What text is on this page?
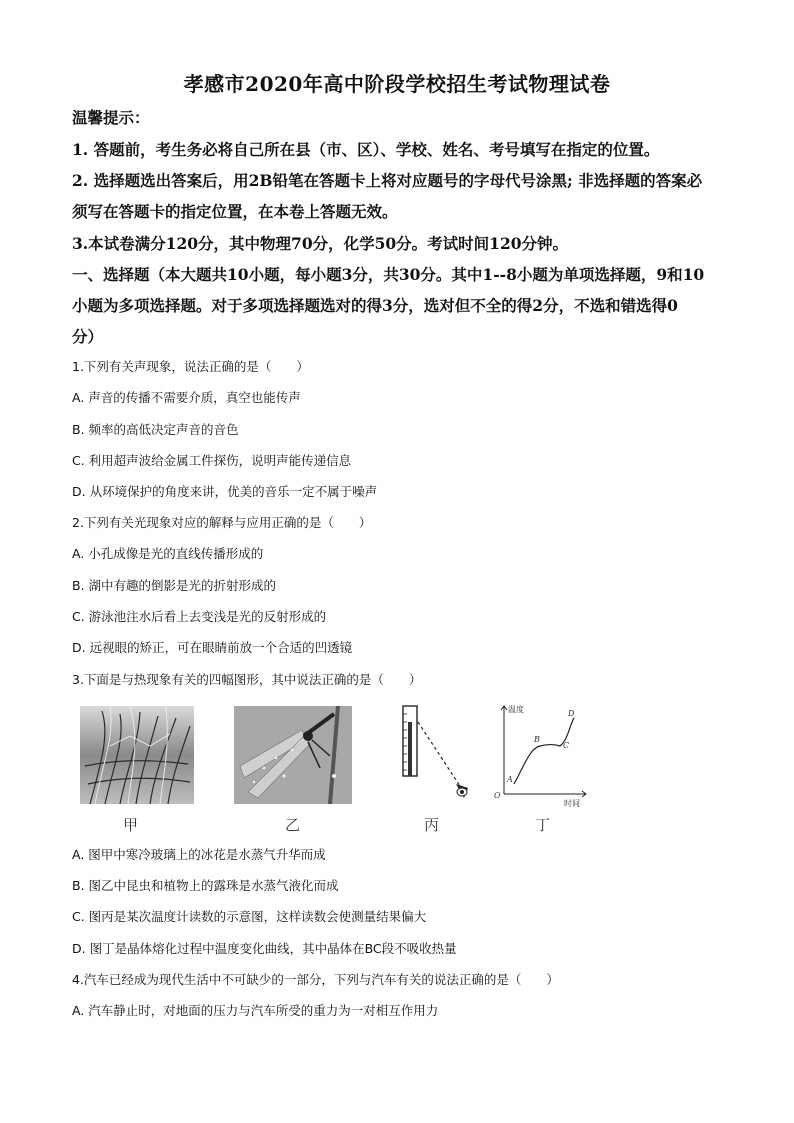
孝感市2020年高中阶段学校招生考试物理试卷
温馨提示：
1. 答题前，考生务必将自己所在县（市、区）、学校、姓名、考号填写在指定的位置。
2. 选择题选出答案后，用2B铅笔在答题卡上将对应题号的字母代号涂黑; 非选择题的答案必
须写在答题卡的指定位置，在本卷上答题无效。
3.本试卷满分120分，其中物理70分，化学50分。考试时间120分钟。
一、选择题（本大题共10小题，每小题3分，共30分。其中1--8小题为单项选择题，9和10
小题为多项选择题。对于多项选择题选对的得3分，选对但不全的得2分，不选和错选得0
分）
1.下列有关声现象，说法正确的是（　　）
A. 声音的传播不需要介质，真空也能传声
B. 频率的高低决定声音的音色
C. 利用超声波给金属工件探伤，说明声能传递信息
D. 从环境保护的角度来讲，优美的音乐一定不属于噪声
2.下列有关光现象对应的解释与应用正确的是（　　）
A. 小孔成像是光的直线传播形成的
B. 湖中有趣的倒影是光的折射形成的
C. 游泳池注水后看上去变浅是光的反射形成的
D. 远视眼的矫正，可在眼睛前放一个合适的凹透镜
3.下面是与热现象有关的四幅图形，其中说法正确的是（　　）
甲	乙	丙
温度
时间
O
A
B
C
D
丁
A. 图甲中寒冷玻璃上的冰花是水蒸气升华而成
B. 图乙中昆虫和植物上的露珠是水蒸气液化而成
C. 图丙是某次温度计读数的示意图，这样读数会使测量结果偏大
D. 图丁是晶体熔化过程中温度变化曲线，其中晶体在BC段不吸收热量
4.汽车已经成为现代生活中不可缺少的一部分，下列与汽车有关的说法正确的是（　　）
A. 汽车静止时，对地面的压力与汽车所受的重力为一对相互作用力
